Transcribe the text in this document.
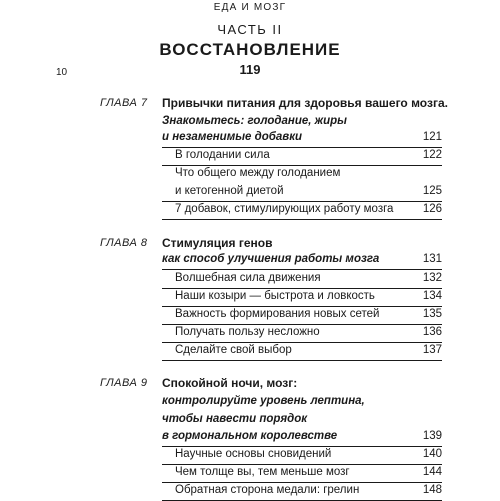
ЕДА И МОЗГ
10
ЧАСТЬ II
ВОССТАНОВЛЕНИЕ
119
ГЛАВА 7 Привычки питания для здоровья вашего мозга.
Знакомьтесь: голодание, жиры
и незаменимые добавки	121
В голодании сила	122
Что общего между голоданием
и кетогенной диетой	125
7 добавок, стимулирующих работу мозга	126
ГЛАВА 8 Стимуляция генов
как способ улучшения работы мозга	131
Волшебная сила движения	132
Наши козыри — быстрота и ловкость	134
Важность формирования новых сетей	135
Получать пользу несложно	136
Сделайте свой выбор	137
ГЛАВА 9 Спокойной ночи, мозг:
контролируйте уровень лептина,
чтобы навести порядок
в гормональном королевстве	139
Научные основы сновидений	140
Чем толще вы, тем меньше мозг	144
Обратная сторона медали: грелин	148
